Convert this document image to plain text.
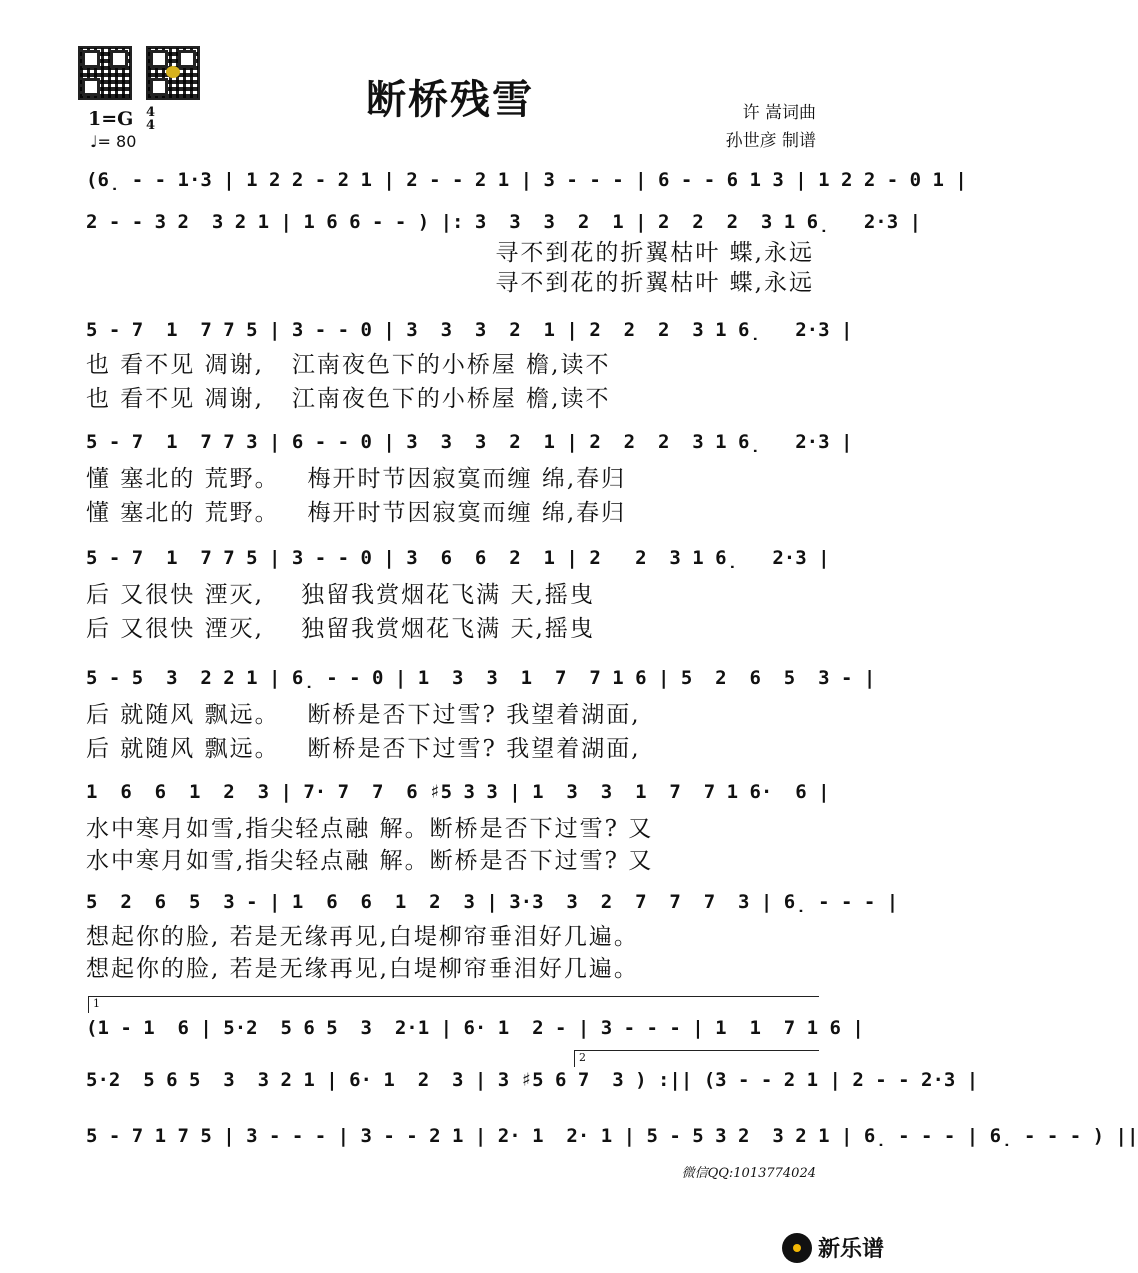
断桥残雪	许 嵩词曲
孙世彦 制谱
1=G 4
4
♩= 80
(6̣ - - 1·3 | 1 2 2 - 2 1 | 2 - - 2 1 | 3 - - - | 6 - - 6 1 3 | 1 2 2 - 0 1 |
2 - - 3 2  3 2 1 | 1 6 6 - - ) |: 3  3  3  2  1 | 2  2  2  3 1 6̣   2·3 |
寻不到花的折翼枯叶 蝶,永远
寻不到花的折翼枯叶 蝶,永远
5 - 7  1  7 7 5 | 3 - - 0 | 3  3  3  2  1 | 2  2  2  3 1 6̣   2·3 |
也 看不见 凋谢,   江南夜色下的小桥屋 檐,读不
也 看不见 凋谢,   江南夜色下的小桥屋 檐,读不
5 - 7  1  7 7 3 | 6 - - 0 | 3  3  3  2  1 | 2  2  2  3 1 6̣   2·3 |
懂 塞北的 荒野。   梅开时节因寂寞而缠 绵,春归
懂 塞北的 荒野。   梅开时节因寂寞而缠 绵,春归
5 - 7  1  7 7 5 | 3 - - 0 | 3  6  6  2  1 | 2   2  3 1 6̣   2·3 |
后 又很快 湮灭,    独留我赏烟花飞满 天,摇曳
后 又很快 湮灭,    独留我赏烟花飞满 天,摇曳
5 - 5  3  2 2 1 | 6̣ - - 0 | 1  3  3  1  7  7 1 6 | 5  2  6  5  3 - |
后 就随风 飘远。   断桥是否下过雪? 我望着湖面,
后 就随风 飘远。   断桥是否下过雪? 我望着湖面,
1  6  6  1  2  3 | 7· 7  7  6 ♯5 3 3 | 1  3  3  1  7  7 1 6·  6 |
水中寒月如雪,指尖轻点融 解。断桥是否下过雪? 又
水中寒月如雪,指尖轻点融 解。断桥是否下过雪? 又
5  2  6  5  3 - | 1  6  6  1  2  3 | 3·3  3  2  7  7  7  3 | 6̣ - - - |
想起你的脸, 若是无缘再见,白堤柳帘垂泪好几遍。
想起你的脸, 若是无缘再见,白堤柳帘垂泪好几遍。
1
(1 - 1  6 | 5·2  5 6 5  3  2·1 | 6· 1  2 - | 3 - - - | 1  1  7 1 6 |
2
5·2  5 6 5  3  3 2 1 | 6· 1  2  3 | 3 ♯5 6 7  3 ) :|| (3 - - 2 1 | 2 - - 2·3 |
5 - 7 1 7 5 | 3 - - - | 3 - - 2 1 | 2· 1  2· 1 | 5 - 5 3 2  3 2 1 | 6̣ - - - | 6̣ - - - ) ||
微信QQ:1013774024
新乐谱
